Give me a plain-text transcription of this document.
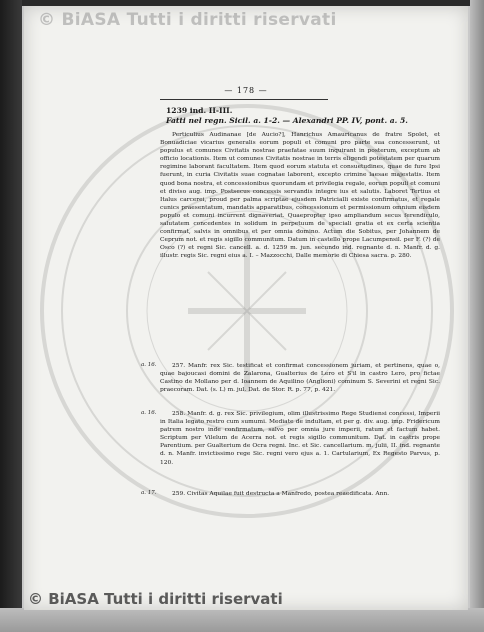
© BiASA Tutti i diritti riservati
— 178 —
1239 ind. II-III.
Fatti nel regn. Sicil. a. 1-2. — Alexandri PP. IV, pont. a. 5.
Perticulius Audinanae [de Aucio?], Hanrichus Amauricanus de fratre Spolet, et Bonuadiciae vicarius generalis eorum populi et comuni pro parte sua concesserunt, ut populus et comunes Civitatis nostrae praefatae suum inquirant in posterum, exceptum ab officio locationis. Item ut comunes Civitatis nostrae in terris eligendi potestatem per quarum regimine laborant facultatem. Item quod eorum statuta et consuetudines, quae de fure Ipsi fuerunt, in curia Civitatis suae cognatae laborent, excepto crimine laesae majestatis. Item quod bona nostra, et concessionibus quorundam et privilegia regale, eorum populi et comuni et diviso aug. imp. Postsecus concessis servandis integre ius et salutis. Laboret Tertius et Italus carcerei, proud per palma scriptae ejusdem Patricialli existe confirmatus, et regale cunics praesentatum, mandatis apparatibus, concessionum et permissionum omnium eisdem populo et comuni incurrent dignaveriat. Quaepropter ipso ampliandum secus ferendiculo, salutatem concedentes in solidum in perpetuum de speciali gratia et ex certa scientia confirmat, salvis in omnibus et per omnia domino. Actum die Sobitus, per Johannem de Ceprum not. et regis sigillo communitum. Datum in castello prope Lacumpensil. per F. (?) de Osco (?) et regni Sic. cancell. a. d. 1259 m. jun. secundo ind. regnante d. n. Manfr. d. g. illustr. regis Sic. regni eius a. I. – Mazzocchi, Dalle memorie di Chiesa sacra. p. 280.
a. 16.	257. Manfr. rex Sic. testificat et confirmat concessionem juriam, et pertinens, quae o, quae bajoucasi domini de Zalarona, Gualterius de Lero et S'il in castro Lero, pro fictae Castino de Mollano per d. Ioannem de Aquilino (Anglioni) cominum S. Severini et regni Sic. praecoram. Dat. (s. L) m. jul. Dat. de Stor. R. p. 77, p. 421.
a. 16.	258. Manfr. d. g. rex Sic. privilegium, olim illustrissimo Rege Studiensi concessi, Imperii in Italia legato restro cum sumumi. Mediate de indultam, et per g. div. aug. imp. Fridericum patrem nostro inde confirmatum, salvo per omnia jure imperii, ratum et factum habet. Scriptum per Vilelum de Acerra not. et regis sigillo communitum. Dat. in castris prope Parentium. per Gualterium de Ocra regni. Inc. et Sic. cancellarium. m. julii, II. ind. regnante d. n. Manfr. invictissimo rege Sic. regni vero ejus a. 1. Cartularium, Ex Regesto Parvus, p. 120.
a. 17.	259. Civitas Aquilae fuit destructa a Manfredo, postea reaedificata. Ann.
© BiASA Tutti i diritti riservati
